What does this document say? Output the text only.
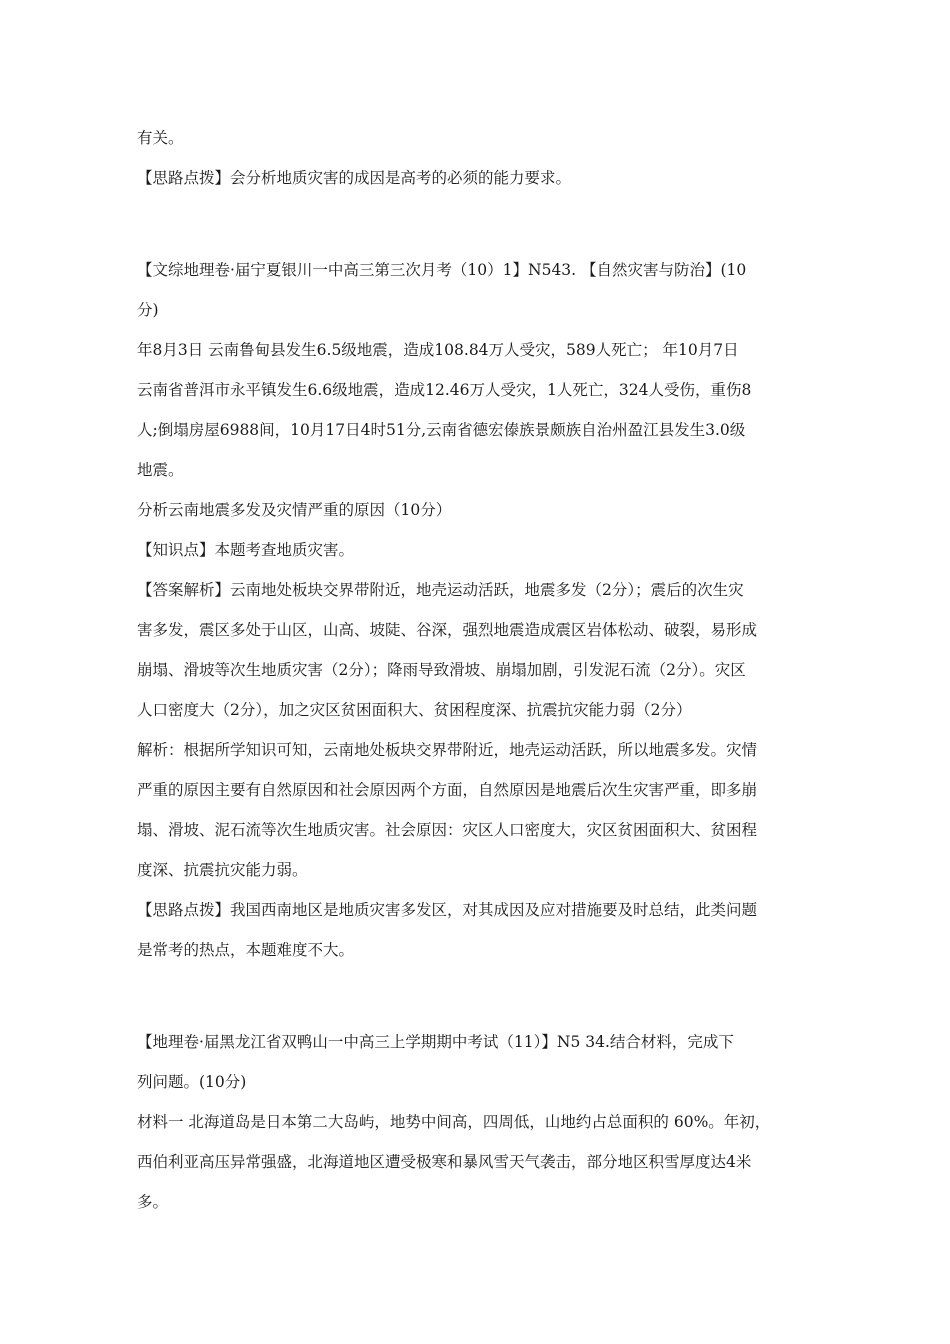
有关。

【思路点拨】会分析地质灾害的成因是高考的必须的能力要求。

【文综地理卷·届宁夏银川一中高三第三次月考（10）1】N543. 【自然灾害与防治】(10

分)

年8月3日 云南鲁甸县发生6.5级地震，造成108.84万人受灾，589人死亡； 年10月7日

云南省普洱市永平镇发生6.6级地震，造成12.46万人受灾，1人死亡，324人受伤，重伤8

人;倒塌房屋6988间，10月17日4时51分,云南省德宏傣族景颇族自治州盈江县发生3.0级

地震。

分析云南地震多发及灾情严重的原因（10分）

【知识点】本题考查地质灾害。

【答案解析】云南地处板块交界带附近，地壳运动活跃，地震多发（2分）；震后的次生灾

害多发，震区多处于山区，山高、坡陡、谷深，强烈地震造成震区岩体松动、破裂，易形成

崩塌、滑坡等次生地质灾害（2分）；降雨导致滑坡、崩塌加剧，引发泥石流（2分）。灾区

人口密度大（2分），加之灾区贫困面积大、贫困程度深、抗震抗灾能力弱（2分）

解析：根据所学知识可知，云南地处板块交界带附近，地壳运动活跃，所以地震多发。灾情

严重的原因主要有自然原因和社会原因两个方面，自然原因是地震后次生灾害严重，即多崩

塌、滑坡、泥石流等次生地质灾害。社会原因：灾区人口密度大，灾区贫困面积大、贫困程

度深、抗震抗灾能力弱。

【思路点拨】我国西南地区是地质灾害多发区，对其成因及应对措施要及时总结，此类问题

是常考的热点，本题难度不大。

【地理卷·届黑龙江省双鸭山一中高三上学期期中考试（11）】N5 34.结合材料，完成下

列问题。(10分)

材料一 北海道岛是日本第二大岛屿，地势中间高，四周低，山地约占总面积的 60%。年初，

西伯利亚高压异常强盛，北海道地区遭受极寒和暴风雪天气袭击，部分地区积雪厚度达4米

多。
